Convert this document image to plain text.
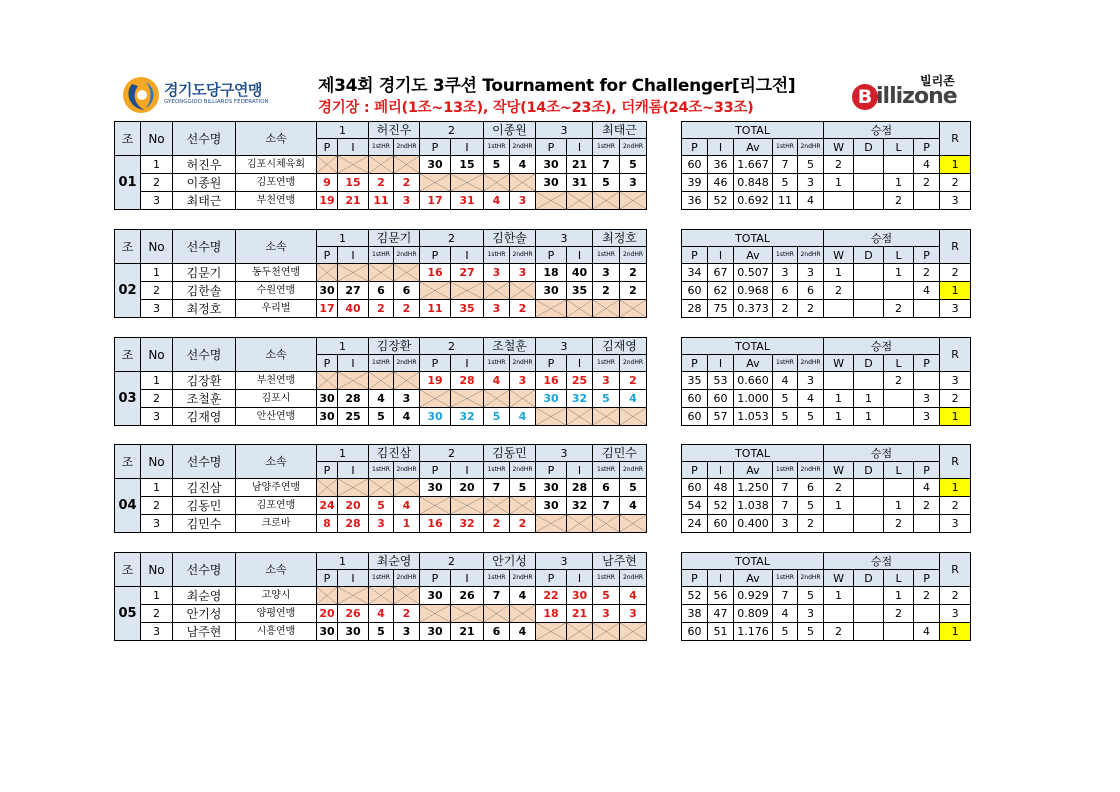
경기도당구연맹
GYEONGGIDO BILLIARDS FEDERATION
제34회 경기도 3쿠션 Tournament for Challenger[리그전]
경기장 : 페리(1조~13조), 작당(14조~23조), 더캐롬(24조~33조)
빌리존
B illizone
조	No	선수명	소속	1		허진우		2		이종원		3		최태근	
				P	I	1stHR	2ndHR	P	I	1stHR	2ndHR	P	I	1stHR	2ndHR
01	1	허진우	김포시체육회					30	15	5	4	30	21	7	5
	2	이종원	김포연맹	9	15	2	2					30	31	5	3
	3	최태근	부천연맹	19	21	11	3	17	31	4	3	

TOTAL					승점				R
P	I	Av	1stHR	2ndHR	W	D	L	P	
60	36	1.667	7	5	2			4	1
39	46	0.848	5	3	1		1	2	2
36	52	0.692	11	4			2		3
조	No	선수명	소속	1		김문기		2		김한솔		3		최정호	
				P	I	1stHR	2ndHR	P	I	1stHR	2ndHR	P	I	1stHR	2ndHR
02	1	김문기	동두천연맹					16	27	3	3	18	40	3	2
	2	김한솔	수원연맹	30	27	6	6					30	35	2	2
	3	최정호	우리벌	17	40	2	2	11	35	3	2	

TOTAL					승점				R
P	I	Av	1stHR	2ndHR	W	D	L	P	
34	67	0.507	3	3	1		1	2	2
60	62	0.968	6	6	2			4	1
28	75	0.373	2	2			2		3
조	No	선수명	소속	1		김장환		2		조철훈		3		김재영	
				P	I	1stHR	2ndHR	P	I	1stHR	2ndHR	P	I	1stHR	2ndHR
03	1	김장환	부천연맹					19	28	4	3	16	25	3	2
	2	조철훈	김포시	30	28	4	3					30	32	5	4
	3	김재영	안산연맹	30	25	5	4	30	32	5	4	

TOTAL					승점				R
P	I	Av	1stHR	2ndHR	W	D	L	P	
35	53	0.660	4	3			2		3
60	60	1.000	5	4	1	1		3	2
60	57	1.053	5	5	1	1		3	1
조	No	선수명	소속	1		김진삼		2		김동민		3		김민수	
				P	I	1stHR	2ndHR	P	I	1stHR	2ndHR	P	I	1stHR	2ndHR
04	1	김진삼	남양주연맹					30	20	7	5	30	28	6	5
	2	김동민	김포연맹	24	20	5	4					30	32	7	4
	3	김민수	크로바	8	28	3	1	16	32	2	2	

TOTAL					승점				R
P	I	Av	1stHR	2ndHR	W	D	L	P	
60	48	1.250	7	6	2			4	1
54	52	1.038	7	5	1		1	2	2
24	60	0.400	3	2			2		3
조	No	선수명	소속	1		최순영		2		안기성		3		남주현	
				P	I	1stHR	2ndHR	P	I	1stHR	2ndHR	P	I	1stHR	2ndHR
05	1	최순영	고양시					30	26	7	4	22	30	5	4
	2	안기성	양평연맹	20	26	4	2					18	21	3	3
	3	남주현	시흥연맹	30	30	5	3	30	21	6	4	

TOTAL					승점				R
P	I	Av	1stHR	2ndHR	W	D	L	P	
52	56	0.929	7	5	1		1	2	2
38	47	0.809	4	3			2		3
60	51	1.176	5	5	2			4	1
